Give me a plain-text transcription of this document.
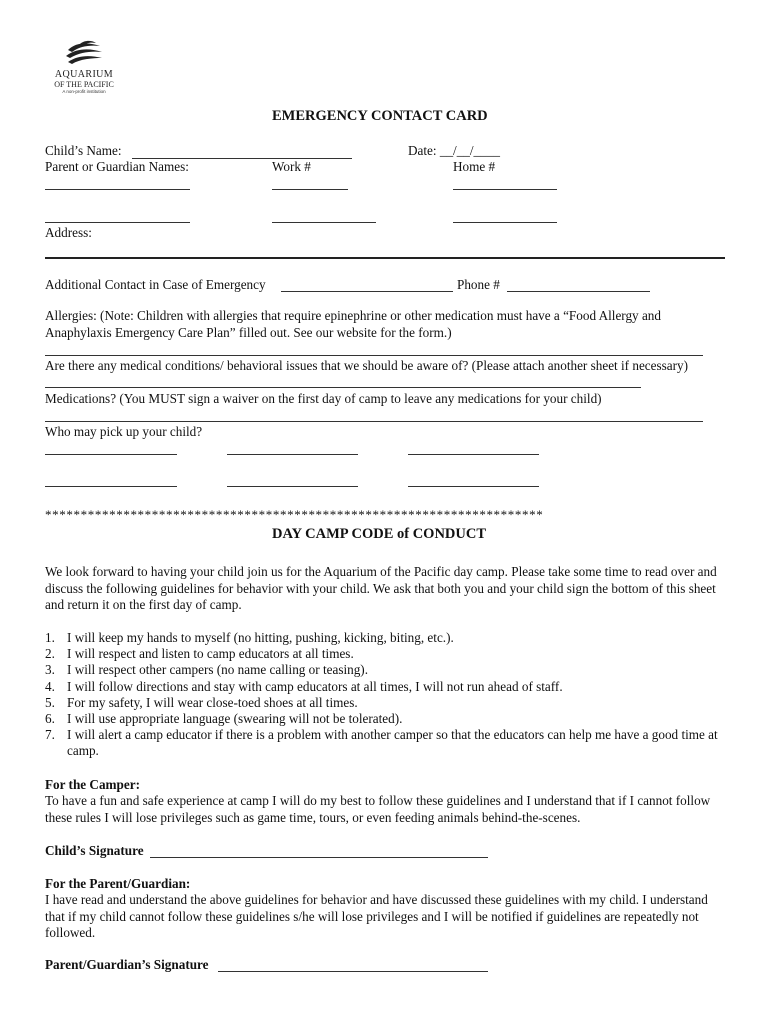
AQUARIUM
OF THE PACIFIC
A non-profit institution
EMERGENCY CONTACT CARD
Child’s Name:	Date: __/__/____
Parent or Guardian Names:	Work #	Home #
Address:
Additional Contact in Case of Emergency	Phone #
Allergies: (Note: Children with allergies that require epinephrine or other medication must have a “Food Allergy and Anaphylaxis Emergency Care Plan” filled out. See our website for the form.)
Are there any medical conditions/ behavioral issues that we should be aware of? (Please attach another sheet if necessary)
Medications? (You MUST sign a waiver on the first day of camp to leave any medications for your child)
Who may pick up your child?
**********************************************************************
DAY CAMP CODE of CONDUCT
We look forward to having your child join us for the Aquarium of the Pacific day camp. Please take some time to read over and discuss the following guidelines for behavior with your child. We ask that both you and your child sign the bottom of this sheet and return it on the first day of camp.
1. I will keep my hands to myself (no hitting, pushing, kicking, biting, etc.).
2. I will respect and listen to camp educators at all times.
3. I will respect other campers (no name calling or teasing).
4. I will follow directions and stay with camp educators at all times, I will not run ahead of staff.
5. For my safety, I will wear close-toed shoes at all times.
6. I will use appropriate language (swearing will not be tolerated).
7. I will alert a camp educator if there is a problem with another camper so that the educators can help me have a good time at camp.
For the Camper:
To have a fun and safe experience at camp I will do my best to follow these guidelines and I understand that if I cannot follow these rules I will lose privileges such as game time, tours, or even feeding animals behind-the-scenes.
Child’s Signature
For the Parent/Guardian:
I have read and understand the above guidelines for behavior and have discussed these guidelines with my child. I understand that if my child cannot follow these guidelines s/he will lose privileges and I will be notified if guidelines are repeatedly not followed.
Parent/Guardian’s Signature
